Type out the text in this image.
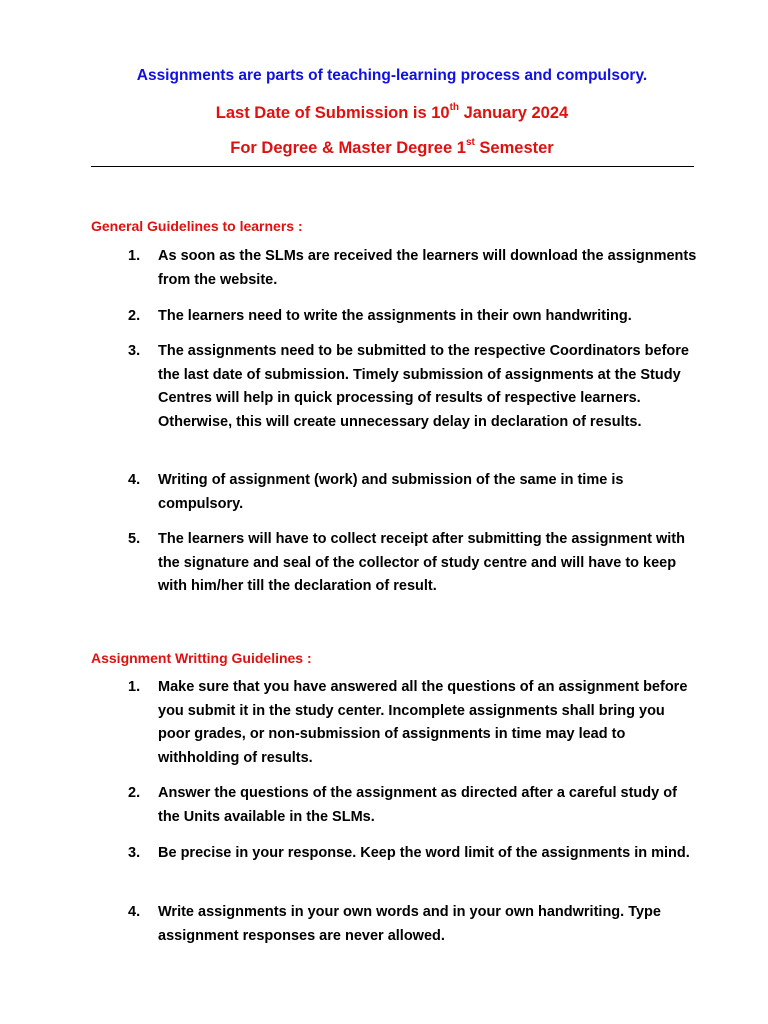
Assignments are parts of teaching-learning process and compulsory.
Last Date of Submission is 10th January 2024
For Degree & Master Degree 1st Semester
General Guidelines to learners :
1. As soon as the SLMs are received the learners will download the assignments from the website.
2. The learners need to write the assignments in their own handwriting.
3. The assignments need to be submitted to the respective Coordinators before the last date of submission. Timely submission of assignments at the Study Centres will help in quick processing of results of respective learners. Otherwise, this will create unnecessary delay in declaration of results.
4. Writing of assignment (work) and submission of the same in time is compulsory.
5. The learners will have to collect receipt after submitting the assignment with the signature and seal of the collector of study centre and will have to keep with him/her till the declaration of result.
Assignment Writting Guidelines :
1. Make sure that you have answered all the questions of an assignment before you submit it in the study center. Incomplete assignments shall bring you poor grades, or non-submission of assignments in time may lead to withholding of results.
2. Answer the questions of the assignment as directed after a careful study of the Units available in the SLMs.
3. Be precise in your response. Keep the word limit of the assignments in mind.
4. Write assignments in your own words and in your own handwriting. Type assignment responses are never allowed.
